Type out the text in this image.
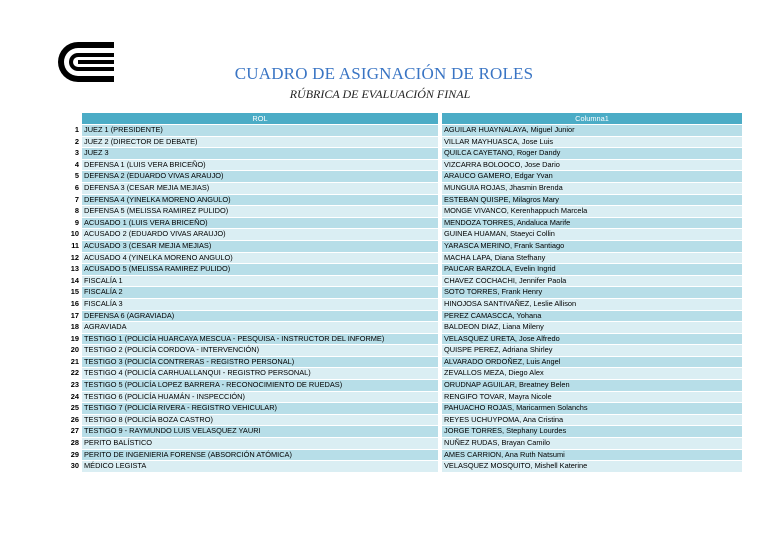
CUADRO DE ASIGNACIÓN DE ROLES
RÚBRICA DE EVALUACIÓN FINAL
	ROL		Columna1
1	JUEZ 1 (PRESIDENTE)		AGUILAR HUAYNALAYA, Miguel Junior
2	JUEZ 2 (DIRECTOR DE DEBATE)		VILLAR MAYHUASCA, Jose Luis
3	JUEZ 3		QUILCA CAYETANO, Roger Dandy
4	DEFENSA 1 (LUIS VERA BRICEÑO)		VIZCARRA BOLOOCO, Jose Dario
5	DEFENSA 2 (EDUARDO VIVAS ARAUJO)		ARAUCO GAMERO, Edgar Yvan
6	DEFENSA 3 (CESAR MEJIA MEJIAS)		MUNGUIA ROJAS, Jhasmin Brenda
7	DEFENSA 4 (YINELKA MORENO ANGULO)		ESTEBAN QUISPE, Milagros Mary
8	DEFENSA 5 (MELISSA RAMIREZ PULIDO)		MONGE VIVANCO, Kerenhappuch Marcela
9	ACUSADO 1 (LUIS VERA BRICEÑO)		MENDOZA TORRES, Andaluca Marife
10	ACUSADO 2 (EDUARDO VIVAS ARAUJO)		GUINEA HUAMAN, Staeyci Collin
11	ACUSADO 3 (CESAR MEJIA MEJIAS)		YARASCA MERINO, Frank Santiago
12	ACUSADO 4 (YINELKA MORENO ANGULO)		MACHA LAPA, Diana Stefhany
13	ACUSADO 5 (MELISSA RAMIREZ PULIDO)		PAUCAR BARZOLA, Evelin Ingrid
14	FISCALÍA 1		CHAVEZ COCHACHI, Jennifer Paola
15	FISCALÍA 2		SOTO TORRES, Frank Henry
16	FISCALÍA 3		HINOJOSA SANTIVAÑEZ, Leslie Allison
17	DEFENSA 6 (AGRAVIADA)		PEREZ CAMASCCA, Yohana
18	AGRAVIADA		BALDEON DIAZ, Liana Mileny
19	TESTIGO 1 (POLICÍA HUARCAYA MESCUA - PESQUISA - INSTRUCTOR DEL INFORME)		VELASQUEZ URETA, Jose Alfredo
20	TESTIGO 2 (POLICÍA CORDOVA - INTERVENCIÓN)		QUISPE PEREZ, Adriana Shirley
21	TESTIGO 3 (POLICÍA CONTRERAS - REGISTRO PERSONAL)		ALVARADO ORDOÑEZ, Luis Angel
22	TESTIGO 4 (POLICÍA CARHUALLANQUI - REGISTRO PERSONAL)		ZEVALLOS MEZA, Diego Alex
23	TESTIGO 5 (POLICÍA LOPEZ BARRERA - RECONOCIMIENTO DE RUEDAS)		ORUDNAP AGUILAR, Breatney Belen
24	TESTIGO 6 (POLICÍA HUAMÁN - INSPECCIÓN)		RENGIFO TOVAR, Mayra Nicole
25	TESTIGO 7 (POLICÍA RIVERA - REGISTRO VEHICULAR)		PAHUACHO ROJAS, Maricarmen Solanchs
26	TESTIGO 8 (POLICÍA BOZA CASTRO)		REYES UCHUYPOMA, Ana Cristina
27	TESTIGO 9 - RAYMUNDO LUIS VELASQUEZ YAURI		JORGE TORRES, Stephany Lourdes
28	PERITO BALÍSTICO		NUÑEZ RUDAS, Brayan Camilo
29	PERITO DE INGENIERIA FORENSE (ABSORCIÓN ATÓMICA)		AMES CARRION, Ana Ruth Natsumi
30	MÉDICO LEGISTA		VELASQUEZ MOSQUITO, Mishell Katerine
